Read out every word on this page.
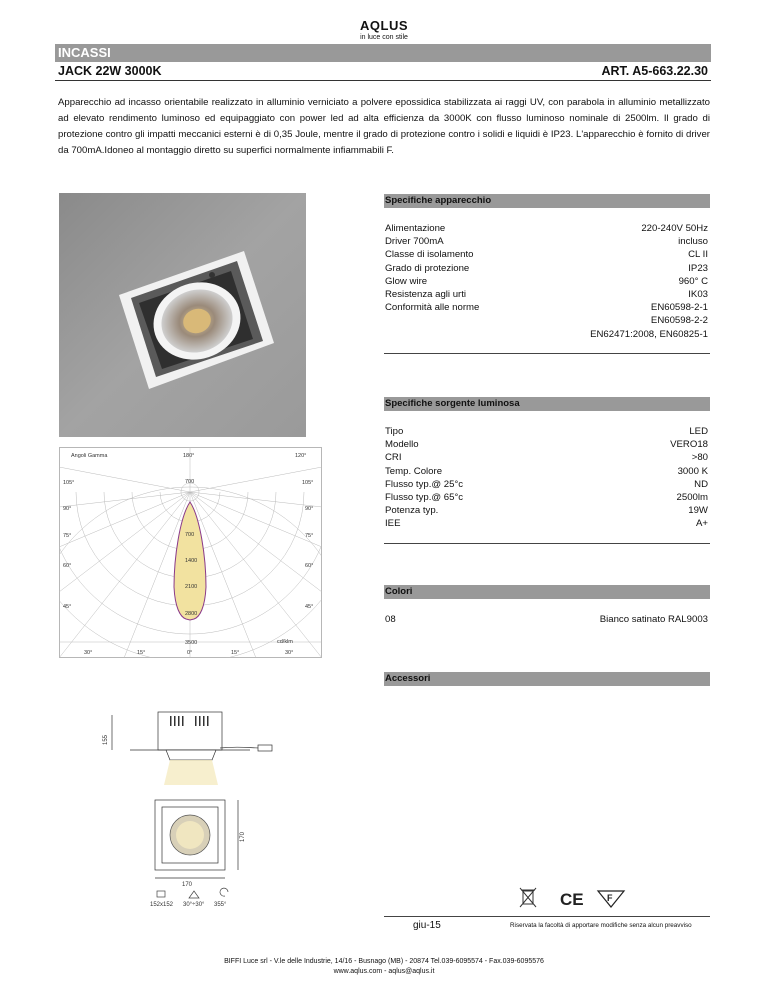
AQLUS
in luce con stile
INCASSI
JACK 22W 3000K	ART. A5-663.22.30
Apparecchio ad incasso orientabile realizzato in alluminio verniciato a polvere epossidica stabilizzata ai raggi UV, con parabola in alluminio metallizzato ad elevato rendimento luminoso ed equipaggiato con power led ad alta efficienza da 3000K con flusso luminoso nominale di 2500lm. Il grado di protezione contro gli impatti meccanici esterni è di 0,35 Joule, mentre il grado di protezione contro i solidi e liquidi è IP23. L'apparecchio è fornito di driver da 700mA.Idoneo al montaggio diretto su superfici normalmente infiammabili F.
Specifiche apparecchio
Alimentazione	220-240V 50Hz
Driver 700mA	incluso
Classe di isolamento	CL II
Grado di protezione	IP23
Glow wire	960° C
Resistenza agli urti	IK03
Conformità alle norme	EN60598-2-1
EN60598-2-2
EN62471:2008, EN60825-1
Specifiche sorgente luminosa
Tipo	LED
Modello	VERO18
CRI	>80
Temp. Colore	3000 K
Flusso typ.@ 25°c	ND
Flusso typ.@ 65°c	2500lm
Potenza typ.	19W
IEE	A+
Angoli Gamma	180°	120°
105°
90°
75°
60°
45°
105°
90°
75°
60°
45°
30°	15°	0°	15°	30°
700
700
1400
2100
2800
3500	cd/klm
Colori
08	Bianco satinato RAL9003
Accessori
155
170
170
152x152 30°÷30° 355°	CE	F
giu-15	Riservata la facoltà di apportare modifiche senza alcun preavviso
BIFFI Luce srl - V.le delle Industrie, 14/16 - Busnago (MB) - 20874 Tel.039-6095574 - Fax.039-6095576
www.aqlus.com - aqlus@aqlus.it
